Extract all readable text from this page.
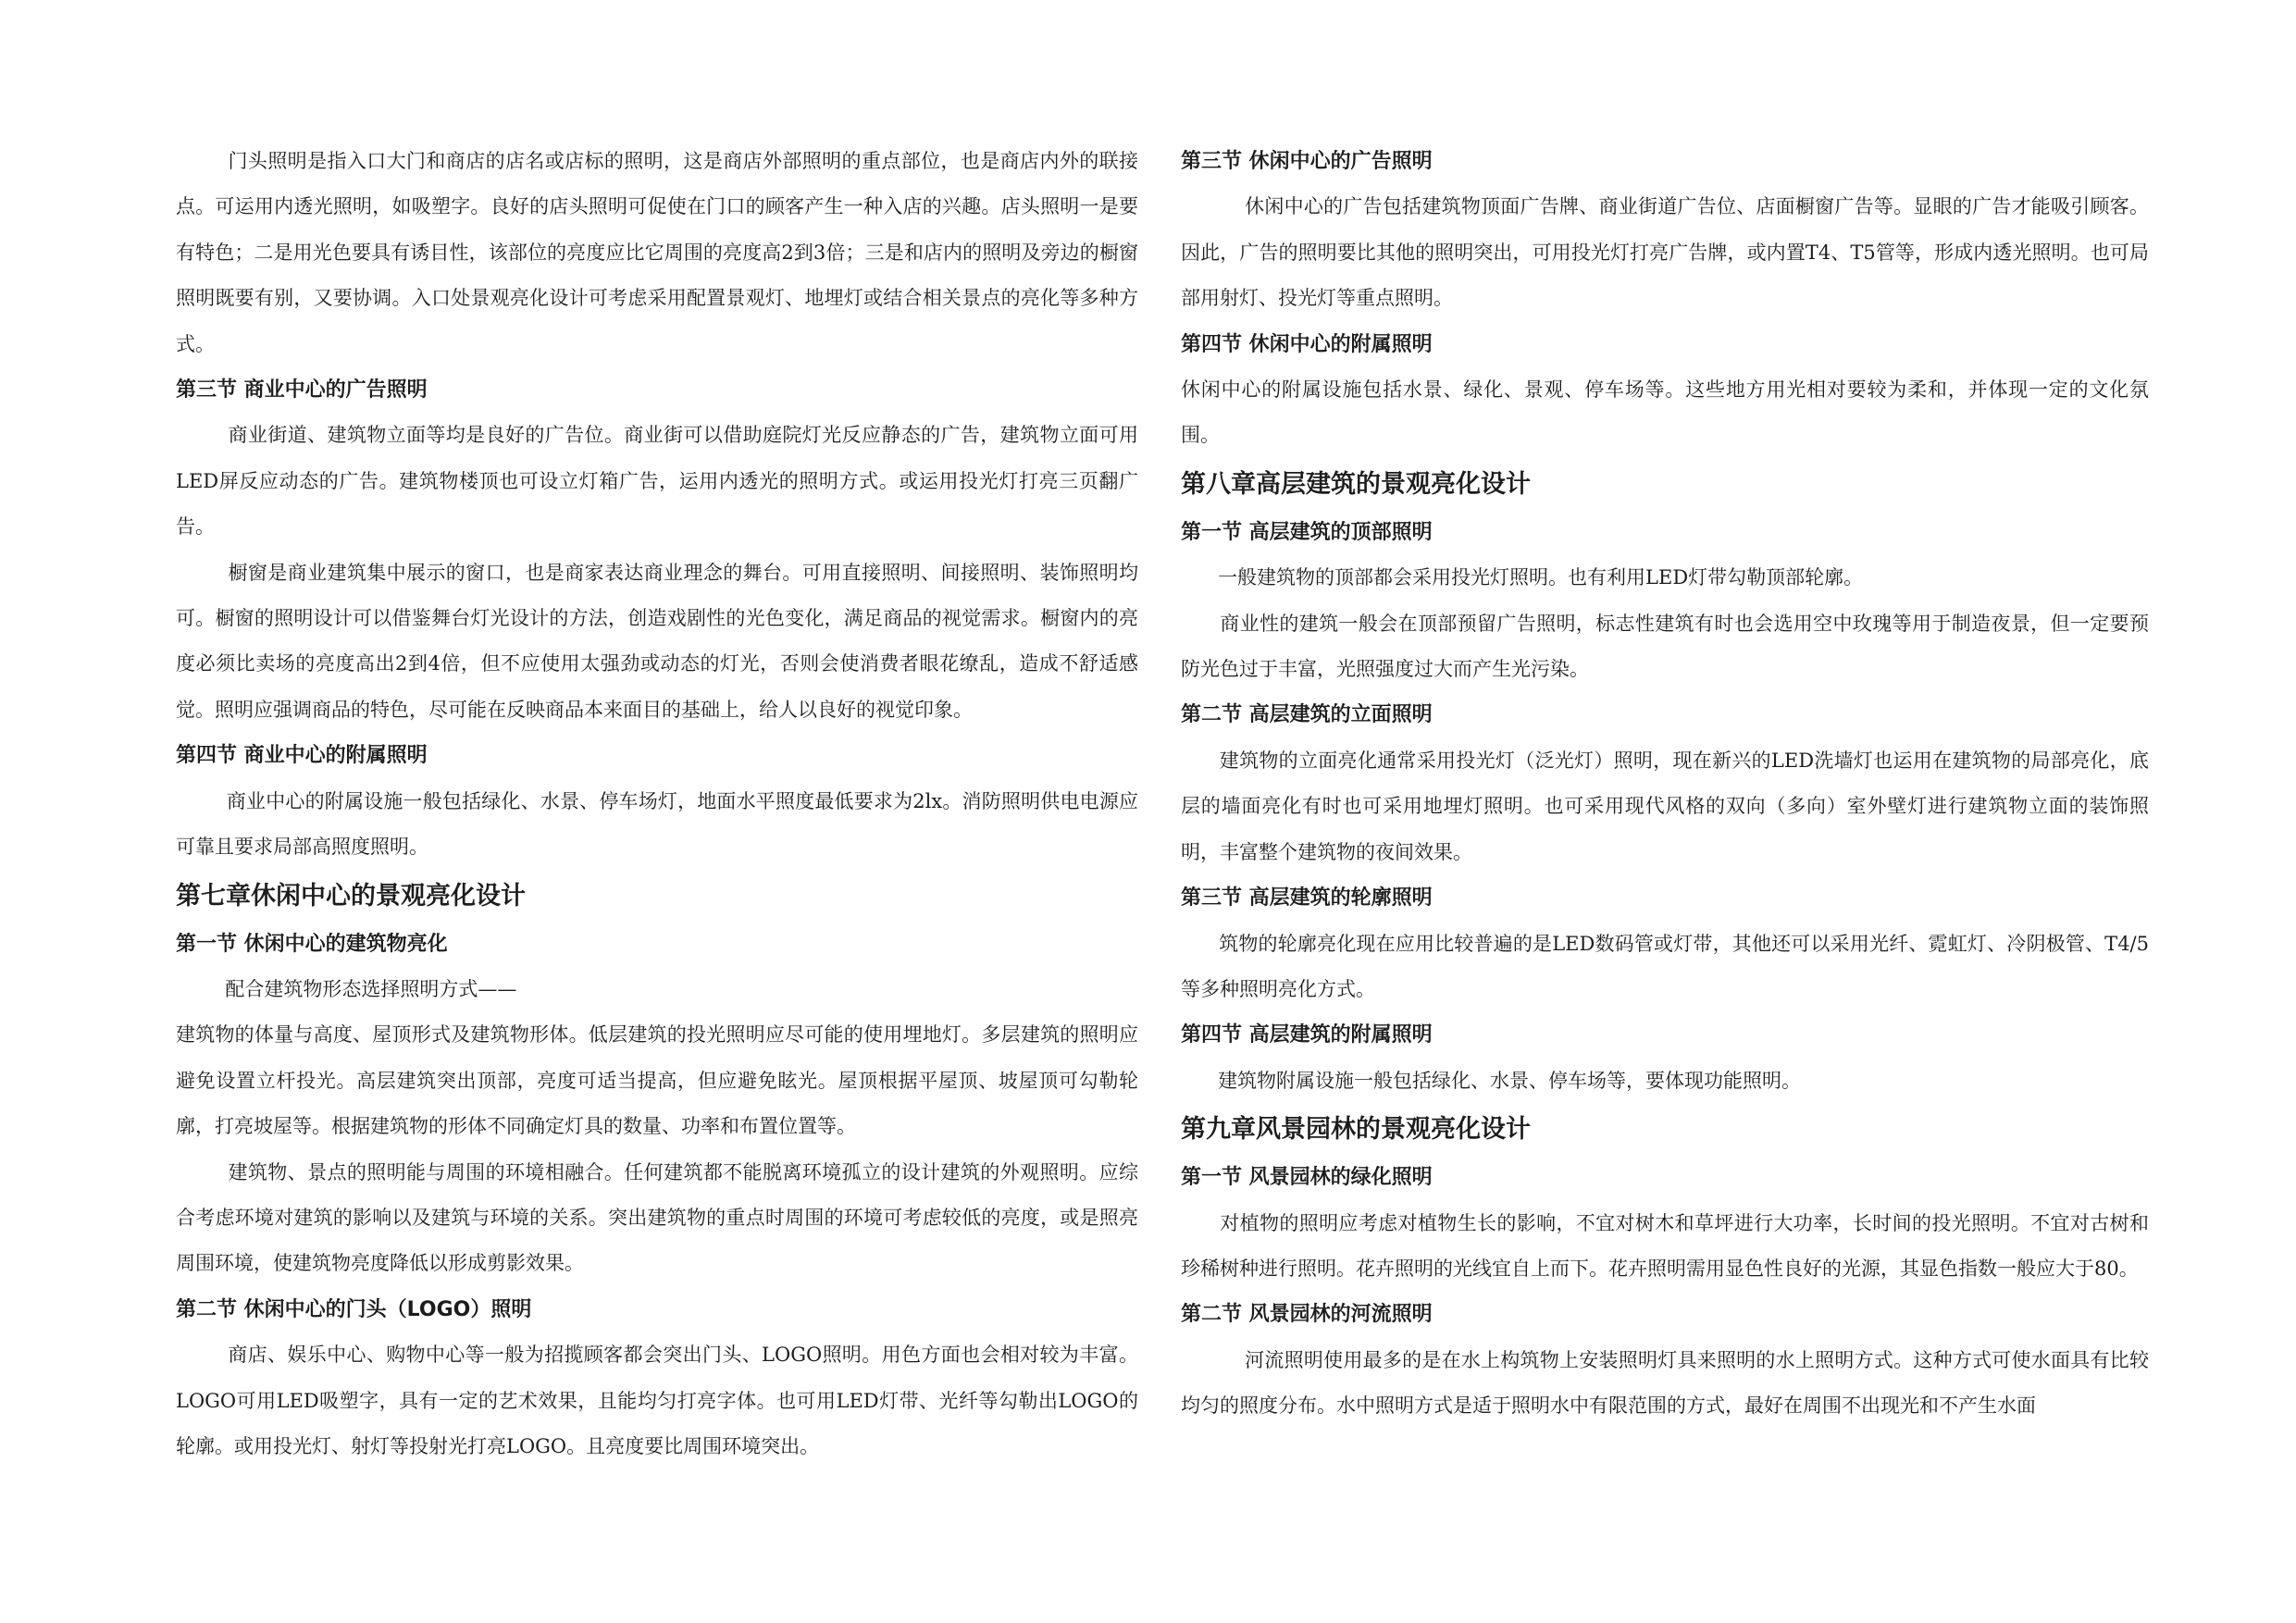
门头照明是指入口大门和商店的店名或店标的照明，这是商店外部照明的重点部位，也是商店内外的联接点。可运用内透光照明，如吸塑字。良好的店头照明可促使在门口的顾客产生一种入店的兴趣。店头照明一是要有特色；二是用光色要具有诱目性，该部位的亮度应比它周围的亮度高2到3倍；三是和店内的照明及旁边的橱窗照明既要有别，又要协调。入口处景观亮化设计可考虑采用配置景观灯、地埋灯或结合相关景点的亮化等多种方式。

第三节 商业中心的广告照明

商业街道、建筑物立面等均是良好的广告位。商业街可以借助庭院灯光反应静态的广告，建筑物立面可用LED屏反应动态的广告。建筑物楼顶也可设立灯箱广告，运用内透光的照明方式。或运用投光灯打亮三页翻广告。

橱窗是商业建筑集中展示的窗口，也是商家表达商业理念的舞台。可用直接照明、间接照明、装饰照明均可。橱窗的照明设计可以借鉴舞台灯光设计的方法，创造戏剧性的光色变化，满足商品的视觉需求。橱窗内的亮度必须比卖场的亮度高出2到4倍，但不应使用太强劲或动态的灯光，否则会使消费者眼花缭乱，造成不舒适感觉。照明应强调商品的特色，尽可能在反映商品本来面目的基础上，给人以良好的视觉印象。

第四节 商业中心的附属照明

商业中心的附属设施一般包括绿化、水景、停车场灯，地面水平照度最低要求为2lx。消防照明供电电源应可靠且要求局部高照度照明。

第七章休闲中心的景观亮化设计
第一节 休闲中心的建筑物亮化

配合建筑物形态选择照明方式——

建筑物的体量与高度、屋顶形式及建筑物形体。低层建筑的投光照明应尽可能的使用埋地灯。多层建筑的照明应避免设置立杆投光。高层建筑突出顶部，亮度可适当提高，但应避免眩光。屋顶根据平屋顶、坡屋顶可勾勒轮廓，打亮坡屋等。根据建筑物的形体不同确定灯具的数量、功率和布置位置等。

建筑物、景点的照明能与周围的环境相融合。任何建筑都不能脱离环境孤立的设计建筑的外观照明。应综合考虑环境对建筑的影响以及建筑与环境的关系。突出建筑物的重点时周围的环境可考虑较低的亮度，或是照亮周围环境，使建筑物亮度降低以形成剪影效果。

第二节 休闲中心的门头（LOGO）照明

商店、娱乐中心、购物中心等一般为招揽顾客都会突出门头、LOGO照明。用色方面也会相对较为丰富。LOGO可用LED吸塑字，具有一定的艺术效果，且能均匀打亮字体。也可用LED灯带、光纤等勾勒出LOGO的轮廓。或用投光灯、射灯等投射光打亮LOGO。且亮度要比周围环境突出。

第三节 休闲中心的广告照明

休闲中心的广告包括建筑物顶面广告牌、商业街道广告位、店面橱窗广告等。显眼的广告才能吸引顾客。因此，广告的照明要比其他的照明突出，可用投光灯打亮广告牌，或内置T4、T5管等，形成内透光照明。也可局部用射灯、投光灯等重点照明。

第四节 休闲中心的附属照明

休闲中心的附属设施包括水景、绿化、景观、停车场等。这些地方用光相对要较为柔和，并体现一定的文化氛围。

第八章高层建筑的景观亮化设计
第一节 高层建筑的顶部照明

一般建筑物的顶部都会采用投光灯照明。也有利用LED灯带勾勒顶部轮廓。

商业性的建筑一般会在顶部预留广告照明，标志性建筑有时也会选用空中玫瑰等用于制造夜景，但一定要预防光色过于丰富，光照强度过大而产生光污染。

第二节 高层建筑的立面照明

建筑物的立面亮化通常采用投光灯（泛光灯）照明，现在新兴的LED洗墙灯也运用在建筑物的局部亮化，底层的墙面亮化有时也可采用地埋灯照明。也可采用现代风格的双向（多向）室外壁灯进行建筑物立面的装饰照明，丰富整个建筑物的夜间效果。

第三节 高层建筑的轮廓照明

筑物的轮廓亮化现在应用比较普遍的是LED数码管或灯带，其他还可以采用光纤、霓虹灯、冷阴极管、T4/5等多种照明亮化方式。

第四节 高层建筑的附属照明

建筑物附属设施一般包括绿化、水景、停车场等，要体现功能照明。

第九章风景园林的景观亮化设计
第一节 风景园林的绿化照明

对植物的照明应考虑对植物生长的影响，不宜对树木和草坪进行大功率，长时间的投光照明。不宜对古树和珍稀树种进行照明。花卉照明的光线宜自上而下。花卉照明需用显色性良好的光源，其显色指数一般应大于80。

第二节 风景园林的河流照明

河流照明使用最多的是在水上构筑物上安装照明灯具来照明的水上照明方式。这种方式可使水面具有比较均匀的照度分布。水中照明方式是适于照明水中有限范围的方式，最好在周围不出现光和不产生水面
